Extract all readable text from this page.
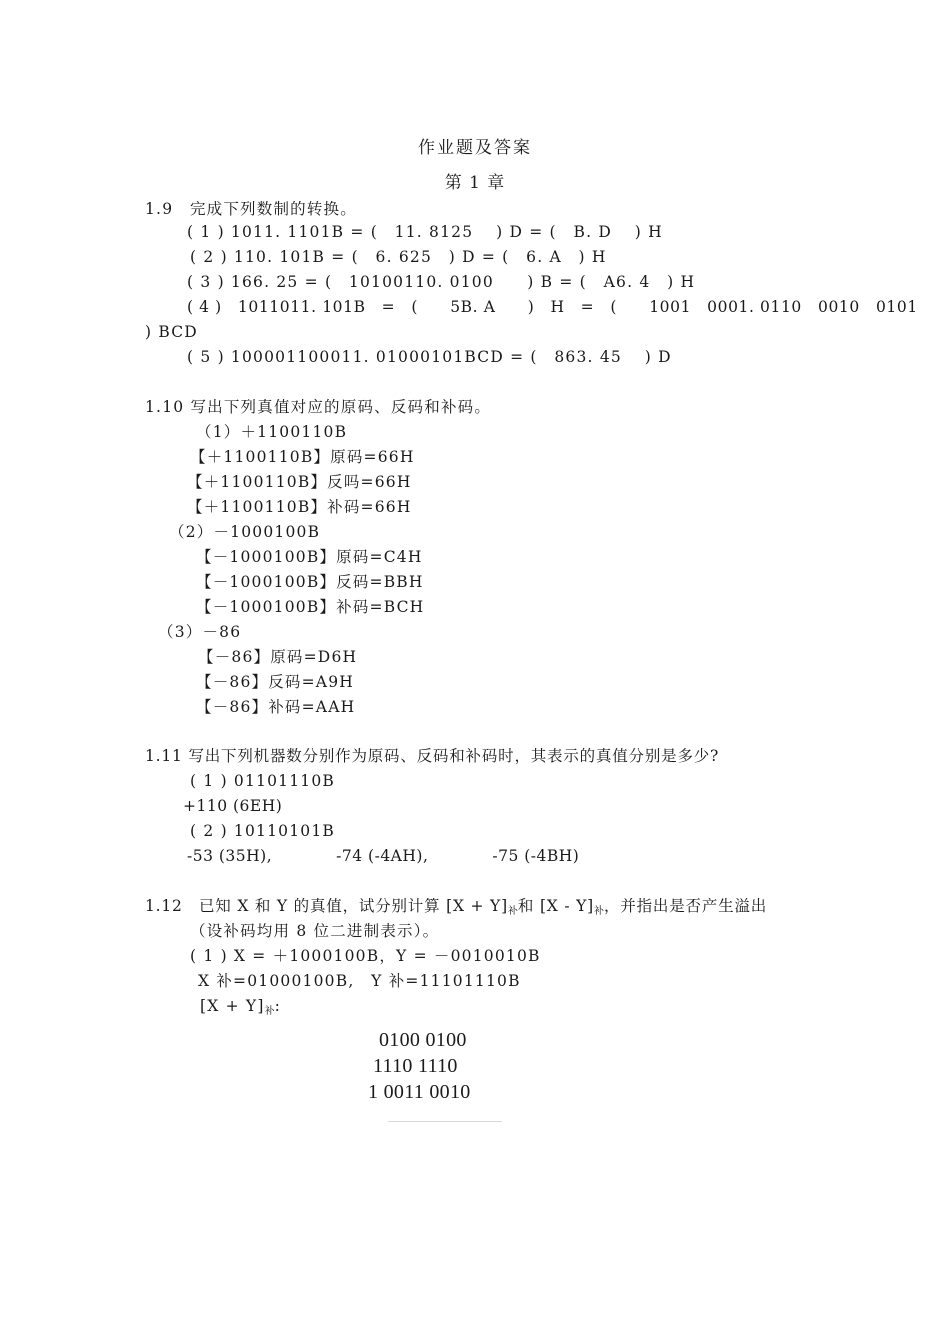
作业题及答案
第 1 章
1.9　完成下列数制的转换。
( 1 ) 1011. 1101B = (　11. 8125　 ) D = (　B. D　 ) H
( 2 ) 110. 101B = (　6. 625　) D = (　6. A　) H
( 3 ) 166. 25 = (　10100110. 0100　　) B = (　A6. 4　) H
( 4 )　1011011. 101B　=　(　　5B. A　　)　H　=　(　　1001　0001. 0110　0010　0101
) BCD
( 5 ) 100001100011. 01000101BCD = (　863. 45　 ) D
1.10 写出下列真值对应的原码、反码和补码。
（1）＋1100110B
【＋1100110B】原码=66H
【＋1100110B】反吗=66H
【＋1100110B】补码=66H
（2）－1000100B
【－1000100B】原码=C4H
【－1000100B】反码=BBH
【－1000100B】补码=BCH
（3）－86
【－86】原码=D6H
【－86】反码=A9H
【－86】补码=AAH
1.11 写出下列机器数分别作为原码、反码和补码时，其表示的真值分别是多少?
( 1 ) 01101110B
+110 (6EH)
( 2 ) 10110101B
-53 (35H),　　　　-74 (-4AH),　　　　-75 (-4BH)
1.12　已知 X 和 Y 的真值，试分别计算 $[X + Y]_补$和 $[X - Y]_补$，并指出是否产生溢出
（设补码均用 8 位二进制表示）。
( 1 ) X = ＋1000100B，Y = －0010010B
X 补=01000100B,　Y 补=11101110B
$[X + Y]_补$:
0100 0100
1110 1110
1 0011 0010
